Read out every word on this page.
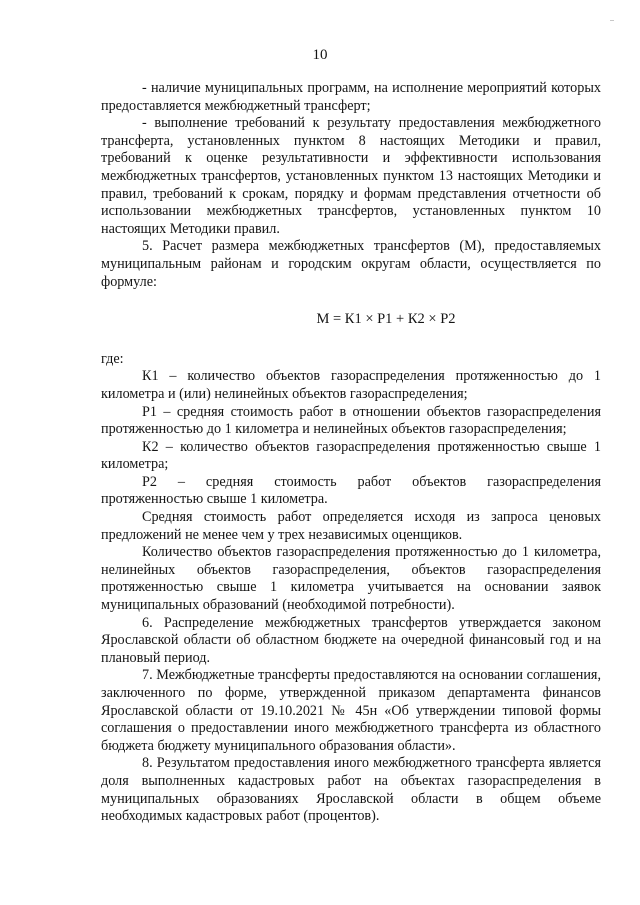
10

- наличие муниципальных программ, на исполнение мероприятий которых предоставляется межбюджетный трансферт;

- выполнение требований к результату предоставления межбюджетного трансферта, установленных пунктом 8 настоящих Методики и правил, требований к оценке результативности и эффективности использования межбюджетных трансфертов, установленных пунктом 13 настоящих Методики и правил, требований к срокам, порядку и формам представления отчетности об использовании межбюджетных трансфертов, установленных пунктом 10 настоящих Методики правил.

5. Расчет размера межбюджетных трансфертов (М), предоставляемых муниципальным районам и городским округам области, осуществляется по формуле:

М = К1 × Р1 + К2 × Р2

где:

К1 – количество объектов газораспределения протяженностью до 1 километра и (или) нелинейных объектов газораспределения;

Р1 – средняя стоимость работ в отношении объектов газораспределения протяженностью до 1 километра и нелинейных объектов газораспределения;

К2 – количество объектов газораспределения протяженностью свыше 1 километра;

Р2 – средняя стоимость работ объектов газораспределения протяженностью свыше 1 километра.

Средняя стоимость работ определяется исходя из запроса ценовых предложений не менее чем у трех независимых оценщиков.

Количество объектов газораспределения протяженностью до 1 километра, нелинейных объектов газораспределения, объектов газораспределения протяженностью свыше 1 километра учитывается на основании заявок муниципальных образований (необходимой потребности).

6. Распределение межбюджетных трансфертов утверждается законом Ярославской области об областном бюджете на очередной финансовый год и на плановый период.

7. Межбюджетные трансферты предоставляются на основании соглашения, заключенного по форме, утвержденной приказом департамента финансов Ярославской области от 19.10.2021 № 45н «Об утверждении типовой формы соглашения о предоставлении иного межбюджетного трансферта из областного бюджета бюджету муниципального образования области».

8. Результатом предоставления иного межбюджетного трансферта является доля выполненных кадастровых работ на объектах газораспределения в муниципальных образованиях Ярославской области в общем объеме необходимых кадастровых работ (процентов).
